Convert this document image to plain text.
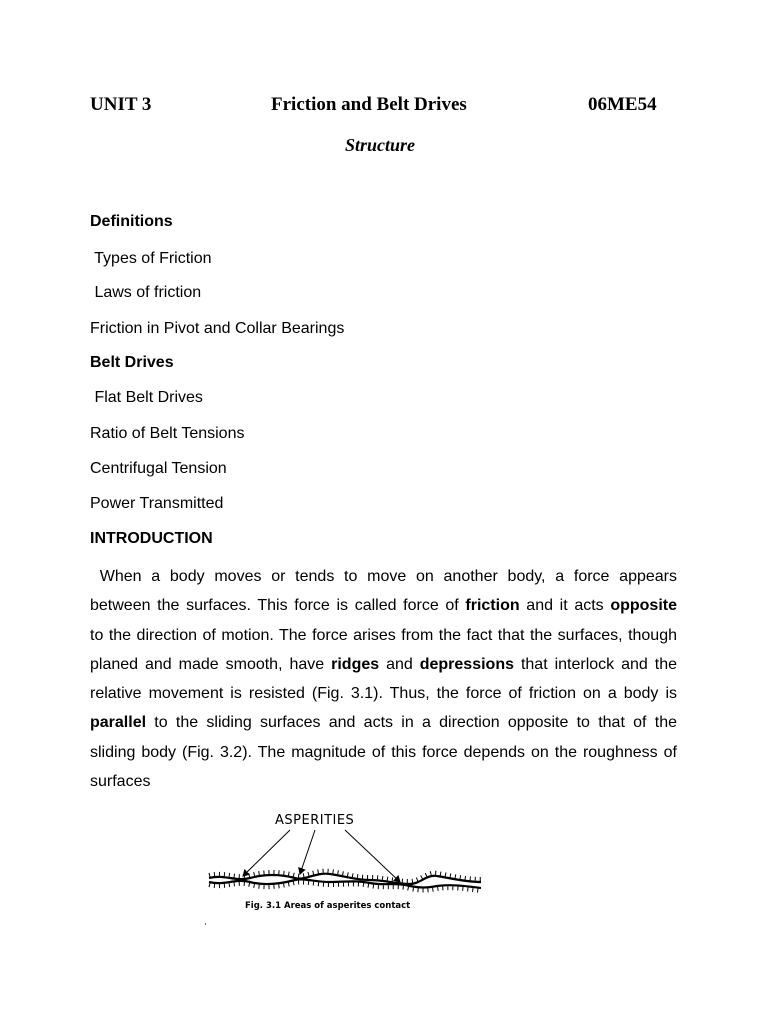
UNIT 3	Friction and Belt Drives	06ME54
Structure
Definitions
Types of Friction
Laws of friction
Friction in Pivot and Collar Bearings
Belt Drives
Flat Belt Drives
Ratio of Belt Tensions
Centrifugal Tension
Power Transmitted
INTRODUCTION
When a body moves or tends to move on another body, a force appears
between the surfaces. This force is called force of friction and it acts opposite
to the direction of motion. The force arises from the fact that the surfaces, though
planed and made smooth, have ridges and depressions that interlock and the
relative movement is resisted (Fig. 3.1). Thus, the force of friction on a body is
parallel to the sliding surfaces and acts in a direction opposite to that of the
sliding body (Fig. 3.2). The magnitude of this force depends on the roughness of
surfaces
ASPERITIES
Fig. 3.1 Areas of asperites contact
